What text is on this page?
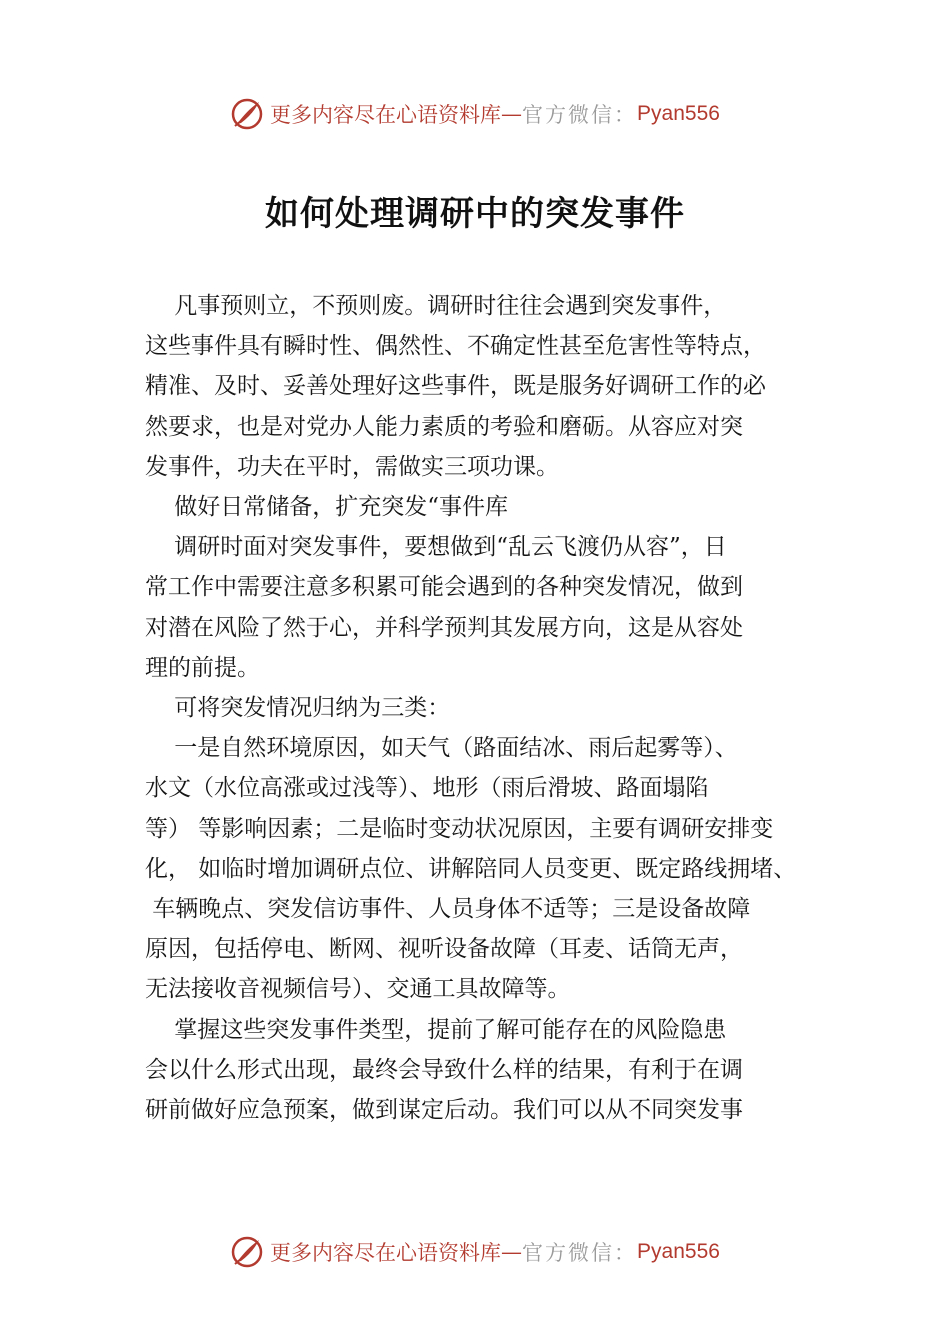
更多内容尽在心语资料库 — 官方微信： Pyan556
如何处理调研中的突发事件

凡事预则立，不预则废。调研时往往会遇到突发事件，

这些事件具有瞬时性、偶然性、不确定性甚至危害性等特点，

精准、及时、妥善处理好这些事件，既是服务好调研工作的必

然要求，也是对党办人能力素质的考验和磨砺。从容应对突

发事件，功夫在平时，需做实三项功课。

做好日常储备，扩充突发“事件库

调研时面对突发事件，要想做到“乱云飞渡仍从容”，日

常工作中需要注意多积累可能会遇到的各种突发情况，做到

对潜在风险了然于心，并科学预判其发展方向，这是从容处

理的前提。

可将突发情况归纳为三类：

一是自然环境原因，如天气（路面结冰、雨后起雾等）、

水文（水位高涨或过浅等）、地形（雨后滑坡、路面塌陷

等） 等影响因素；二是临时变动状况原因，主要有调研安排变

化， 如临时增加调研点位、讲解陪同人员变更、既定路线拥堵、

车辆晚点、突发信访事件、人员身体不适等；三是设备故障

原因，包括停电、断网、视听设备故障（耳麦、话筒无声，

无法接收音视频信号）、交通工具故障等。

掌握这些突发事件类型，提前了解可能存在的风险隐患

会以什么形式出现，最终会导致什么样的结果，有利于在调

研前做好应急预案，做到谋定后动。我们可以从不同突发事

更多内容尽在心语资料库 — 官方微信： Pyan556
